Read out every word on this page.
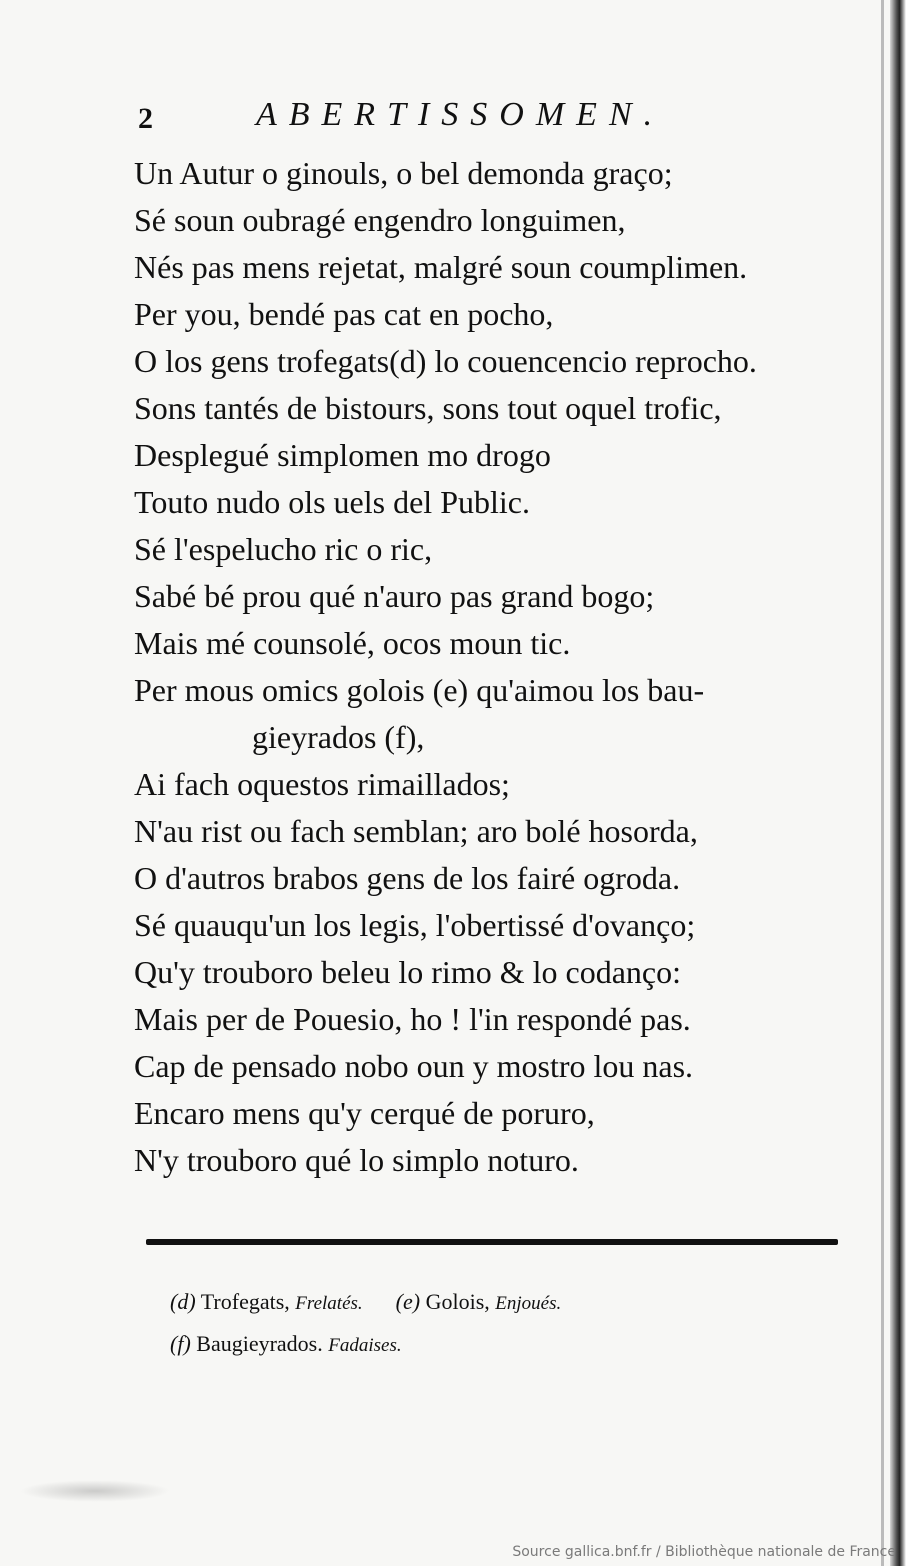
2	ABERTISSOMEN.
Un Autur o ginouls, o bel demonda graço;
Sé soun oubragé engendro longuimen,
Nés pas mens rejetat, malgré soun coumplimen.
Per you, bendé pas cat en pocho,
O los gens trofegats(d) lo couencencio reprocho.
Sons tantés de bistours, sons tout oquel trofic,
Desplegué simplomen mo drogo
Touto nudo ols uels del Public.
Sé l'espelucho ric o ric,
Sabé bé prou qué n'auro pas grand bogo;
Mais mé counsolé, ocos moun tic.
Per mous omics golois (e) qu'aimou los bau-
gieyrados (f),
Ai fach oquestos rimaillados;
N'au rist ou fach semblan; aro bolé hosorda,
O d'autros brabos gens de los fairé ogroda.
Sé quauqu'un los legis, l'obertissé d'ovanço;
Qu'y trouboro beleu lo rimo & lo codanço:
Mais per de Pouesio, ho ! l'in respondé pas.
Cap de pensado nobo oun y mostro lou nas.
Encaro mens qu'y cerqué de poruro,
N'y trouboro qué lo simplo noturo.
(d) Trofegats, Frelatés. (e) Golois, Enjoués.
(f) Baugieyrados. Fadaises.
Source gallica.bnf.fr / Bibliothèque nationale de France
